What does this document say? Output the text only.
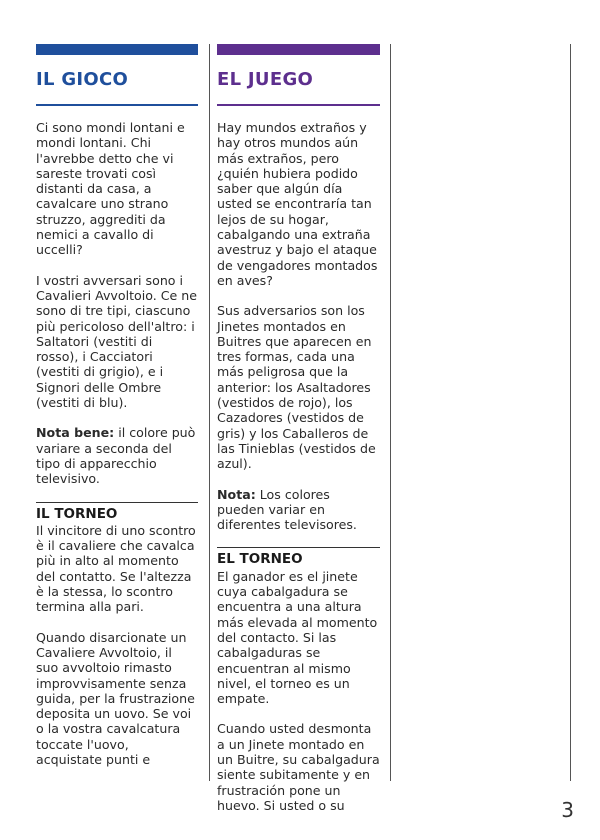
IL GIOCO

Ci sono mondi lontani e mondi lontani. Chi l'avrebbe detto che vi sareste trovati così distanti da casa, a cavalcare uno strano struzzo, aggrediti da nemici a cavallo di uccelli?

I vostri avversari sono i Cavalieri Avvoltoio. Ce ne sono di tre tipi, ciascuno più pericoloso dell'altro: i Saltatori (vestiti di rosso), i Cacciatori (vestiti di grigio), e i Signori delle Ombre (vestiti di blu).

Nota bene: il colore può variare a seconda del tipo di apparecchio televisivo.

IL TORNEO

Il vincitore di uno scontro è il cavaliere che cavalca più in alto al momento del contatto. Se l'altezza è la stessa, lo scontro termina alla pari.

Quando disarcionate un Cavaliere Avvoltoio, il suo avvoltoio rimasto improvvisamente senza guida, per la frustrazione deposita un uovo. Se voi o la vostra cavalcatura toccate l'uovo, acquistate punti e

EL JUEGO

Hay mundos extraños y hay otros mundos aún más extraños, pero ¿quién hubiera podido saber que algún día usted se encontraría tan lejos de su hogar, cabalgando una extraña avestruz y bajo el ataque de vengadores montados en aves?

Sus adversarios son los Jinetes montados en Buitres que aparecen en tres formas, cada una más peligrosa que la anterior: los Asaltadores (vestidos de rojo), los Cazadores (vestidos de gris) y los Caballeros de las Tinieblas (vestidos de azul).

Nota: Los colores pueden variar en diferentes televisores.

EL TORNEO

El ganador es el jinete cuya cabalgadura se encuentra a una altura más elevada al momento del contacto. Si las cabalgaduras se encuentran al mismo nivel, el torneo es un empate.

Cuando usted desmonta a un Jinete montado en un Buitre, su cabalgadura siente subitamente y en frustración pone un huevo. Si usted o su	3
